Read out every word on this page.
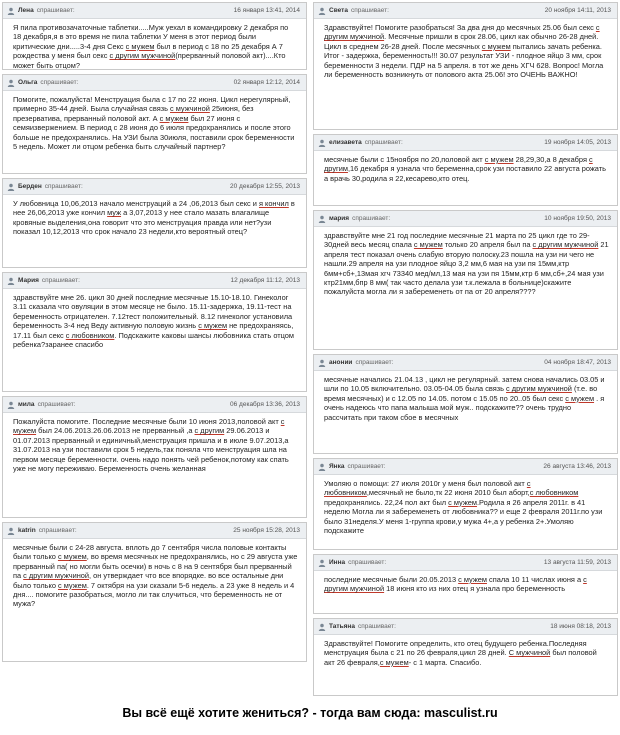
Лена спрашивает:	16 января 13:41, 2014
Я пила противозачаточные таблетки.....Муж уехал в командировку 2 декабря по 18 декабря,я в это время не пила таблетки У меня в этот период были критические дни.....3-4 дня Секс с мужем был в период с 18 по 25 декабря А 7 рождества у меня был секс с другим мужчиной(прерванный половой акт)....Кто может быть отцом?
Ольга спрашивает:	02 января 12:12, 2014
Помогите, пожалуйста! Менструация была с 17 по 22 июня. Цикл нерегулярный, примерно 35-44 дней. Была случайная связь с мужчиной 25июня, без презерватива, прерванный половой акт. А с мужем был 27 июня с семяизвержением. В период с 28 июня до 6 июля предохранялись и после этого больше не предохранялись. На УЗИ была 30июля, поставили срок беременности 5 недель. Может ли отцом ребенка быть случайный партнер?
Берден спрашивает:	20 декабря 12:55, 2013
У любовница 10,06,2013 начало менструаций а 24 ,06,2013 был секс и я кончил в нее 26,06,2013 уже кончил муж а 3,07,2013 у нее стало мазать влагалище кровяные выделения,она говорит что это менструация правда или нет?узи показал 10,12,2013 что срок начало 23 недели,кто вероятный отец?
Мария спрашивает:	12 декабря 11:12, 2013
здравствуйте мне 26. цикл 30 дней последние месячные 15.10-18.10. Гинеколог 3.11 сказала что овуляции в этом месяце не было. 15.11-задержка, 19.11-тест на беременность отрицателен. 7.12тест положительный. 8.12 гинеколог установила беременность 3-4 нед Веду активную половую жизнь с мужем не предохраняясь, 17.11 был секс с любовником. Подскажите каковы шансы любовника стать отцом ребенка?заранее спасибо
мила спрашивает:	06 декабря 13:36, 2013
Пожалуйста помогите. Последние месячные были 10 июня 2013,половой акт с мужем был 24.06.2013.26.06.2013 не прерванный ,а с другим 29.06.2013 и 01.07.2013 прерванный и единичный,менструация пришла и в июле 9.07.2013,а 31.07.2013 на узи поставили срок 5 недель,так поняла что менструация шла на первом месяце беременности. очень надо понять чей ребенок,потому как спать уже не могу переживаю. Беременность очень желанная
katrin спрашивает:	25 ноября 15:28, 2013
месячные были с 24-28 августа. вплоть до 7 сентября числа половые контакты были только с мужем, во время месячных не предохранялись, но с 29 августа уже прерванный па( но могли быть осечки) в ночь с 8 на 9 сентября был прерванный па с другим мужчиной, он утверждает что все впорядке. во все остальные дни было только с мужем. 7 октября на узи сказали 5-6 недель. а 23 уже 8 недель и 4 дня.... помогите разобраться, могло ли так случиться, что беременность не от мужа?
Света спрашивает:	20 ноября 14:11, 2013
Здравствуйте! Помогите разобраться! За два дня до месячных 25.06 был секс с другим мужчиной. Месячные пришли в срок 28.06, цикл как обычно 26-28 дней. Цикл в среднем 26-28 дней. После месячных с мужем пытались зачать ребенка. Итог - задержка, беременность!!! 30.07 результат УЗИ - плодное яйцо 3 мм, срок беременности 3 недели. ПДР на 5 апреля. в тот же день ХГЧ 628. Вопрос! Могла ли беременность возникнуть от полового акта 25.06! это ОЧЕНЬ ВАЖНО!
елизавета спрашивает:	19 ноября 14:05, 2013
месячные были с 15ноября по 20,половой акт с мужем 28,29,30,а 8 декабря с другим,16 декабря я узнала что беременна,срок узи поставило 22 августа рожать а врачь 30,родила я 22,кесарево,кто отец.
мария спрашивает:	10 ноября 19:50, 2013
здравствуйте мне 21 год последние месячные 21 марта по 25 цикл где то 29-30дней весь месяц спала с мужем только 20 апреля был па с другим мужчиной 21 апреля тест показал очень слабую вторую полоску.23 пошла на узи ни чего не нашли.29 апреля на узи плодное яйцо 3,2 мм,6 мая на узи пя 15мм,ктр 6мм+сб+,13мая хгч 73340 мед/мл,13 мая на узи пя 15мм,ктр 6 мм,сб+,24 мая узи ктр21мм,бпр 8 мм( так часто делала узи т.к.лежала в больнице)скажите пожалуйста могла ли я забеременеть от па от 20 апреля????
анонии спрашивает:	04 ноября 18:47, 2013
месячные начались 21.04.13 , цикл не регулярный. затем снова начались 03.05 и шли по 10.05 включительно. 03.05-04.05 была связь с другим мужчиной (т.е. во время месячных) и с 12.05 по 14.05. потом с 15.05 по 20..05 был секс с мужем . я очень надеюсь что папа малыша мой муж.. подскажите?? очень трудно рассчитать при таком сбое в месячных
Янка спрашивает:	26 августа 13:46, 2013
Умоляю о помощи: 27 июля 2010г у меня был половой акт с любовником,месячный не было,тк 22 июня 2010 был аборт,с любовником предохранялись. 22,24 пол акт был с мужем.Родила я 26 апреля 2011г. в 41 неделю Могла ли я забеременеть от любовника?? и еще 2 февраля 2011г.по узи было 31неделя.У меня 1-группа крови,у мужа 4+,а у ребенка 2+.Умоляю подскажите
Инна спрашивает:	13 августа 11:59, 2013
последние месячные были 20.05.2013 с мужем спала 10 11 числах июня а с другим мужчиной 18 июня кто из них отец я узнала про беременность
Татьяна спрашивает:	18 июня 08:18, 2013
Здравствуйте! Помогите определить, кто отец будущего ребенка.Последняя менструация была с 21 по 26 февраля,цикл 28 дней. С мужчиной был половой акт 26 февраля,с мужем- с 1 марта. Спасибо.
Вы всё ещё хотите жениться? - тогда вам сюда: masculist.ru
